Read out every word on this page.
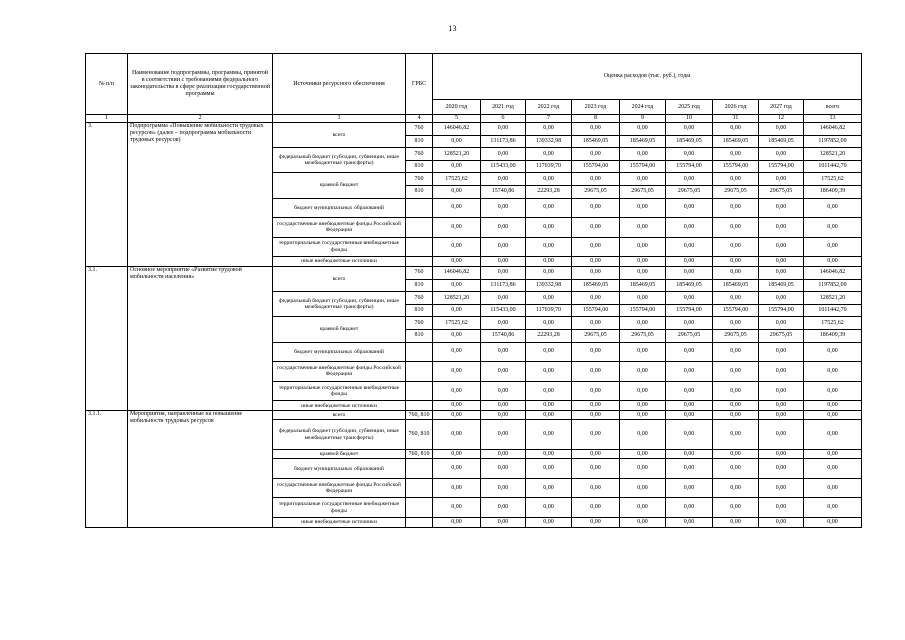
13
№ п/п	Наименование подпрограммы, программы, принятой в соответствии с требованиями федерального законодательства в сфере реализации государственной программы	Источники ресурсного обеспечения	ГРБС	Оценка расходов (тыс. руб.), годы								
				2020 год	2021 год	2022 год	2023 год	2024 год	2025 год	2026 год	2027 год	всего
1	2	3	4	5	6	7	8	9	10	11	12	13
3.	Подпрограмма «Повышение мобильности трудовых ресурсов» (далее – подпрограмма мобильности трудовых ресурсов)	всего	760	146046,82	0,00	0,00	0,00	0,00	0,00	0,00	0,00	146046,82
			810	0,00	131173,86	139332,98	185469,05	185469,05	185469,05	185469,05	185469,05	1197852,09
		федеральный бюджет (субсидии, субвенции, иные межбюджетные трансферты)	760	128521,20	0,00	0,00	0,00	0,00	0,00	0,00	0,00	128521,20
			810	0,00	115433,00	117039,70	155794,00	155794,00	155794,00	155794,00	155794,00	1011442,70
		краевой бюджет	760	17525,62	0,00	0,00	0,00	0,00	0,00	0,00	0,00	17525,62
			810	0,00	15740,86	22293,28	29675,05	29675,05	29675,05	29675,05	29675,05	186409,39
		бюджет муниципальных образований		0,00	0,00	0,00	0,00	0,00	0,00	0,00	0,00	0,00
		государственные внебюджетные фонды Российской Федерации		0,00	0,00	0,00	0,00	0,00	0,00	0,00	0,00	0,00
		территориальные государственные внебюджетные фонды		0,00	0,00	0,00	0,00	0,00	0,00	0,00	0,00	0,00
		иные внебюджетные источники		0,00	0,00	0,00	0,00	0,00	0,00	0,00	0,00	0,00
3.1.	Основное мероприятие «Развитие трудовой мобильности населения»	всего	760	146046,82	0,00	0,00	0,00	0,00	0,00	0,00	0,00	146046,82
			810	0,00	131173,86	139332,98	185469,05	185469,05	185469,05	185469,05	185469,05	1197852,09
		федеральный бюджет (субсидии, субвенции, иные межбюджетные трансферты)	760	128521,20	0,00	0,00	0,00	0,00	0,00	0,00	0,00	128521,20
			810	0,00	115433,00	117039,70	155794,00	155794,00	155794,00	155794,00	155794,00	1011442,70
		краевой бюджет	760	17525,62	0,00	0,00	0,00	0,00	0,00	0,00	0,00	17525,62
			810	0,00	15740,86	22293,28	29675,05	29675,05	29675,05	29675,05	29675,05	186409,39
		бюджет муниципальных образований		0,00	0,00	0,00	0,00	0,00	0,00	0,00	0,00	0,00
		государственные внебюджетные фонды Российской Федерации		0,00	0,00	0,00	0,00	0,00	0,00	0,00	0,00	0,00
		территориальные государственные внебюджетные фонды		0,00	0,00	0,00	0,00	0,00	0,00	0,00	0,00	0,00
		иные внебюджетные источники		0,00	0,00	0,00	0,00	0,00	0,00	0,00	0,00	0,00
3.1.1.	Мероприятия, направленные на повышение мобильности трудовых ресурсов	всего	760, 810	0,00	0,00	0,00	0,00	0,00	0,00	0,00	0,00	0,00
		федеральный бюджет (субсидии, субвенции, иные межбюджетные трансферты)	760, 810	0,00	0,00	0,00	0,00	0,00	0,00	0,00	0,00	0,00
		краевой бюджет	760, 810	0,00	0,00	0,00	0,00	0,00	0,00	0,00	0,00	0,00
		бюджет муниципальных образований		0,00	0,00	0,00	0,00	0,00	0,00	0,00	0,00	0,00
		государственные внебюджетные фонды Российской Федерации		0,00	0,00	0,00	0,00	0,00	0,00	0,00	0,00	0,00
		территориальные государственные внебюджетные фонды		0,00	0,00	0,00	0,00	0,00	0,00	0,00	0,00	0,00
		иные внебюджетные источники		0,00	0,00	0,00	0,00	0,00	0,00	0,00	0,00	0,00
